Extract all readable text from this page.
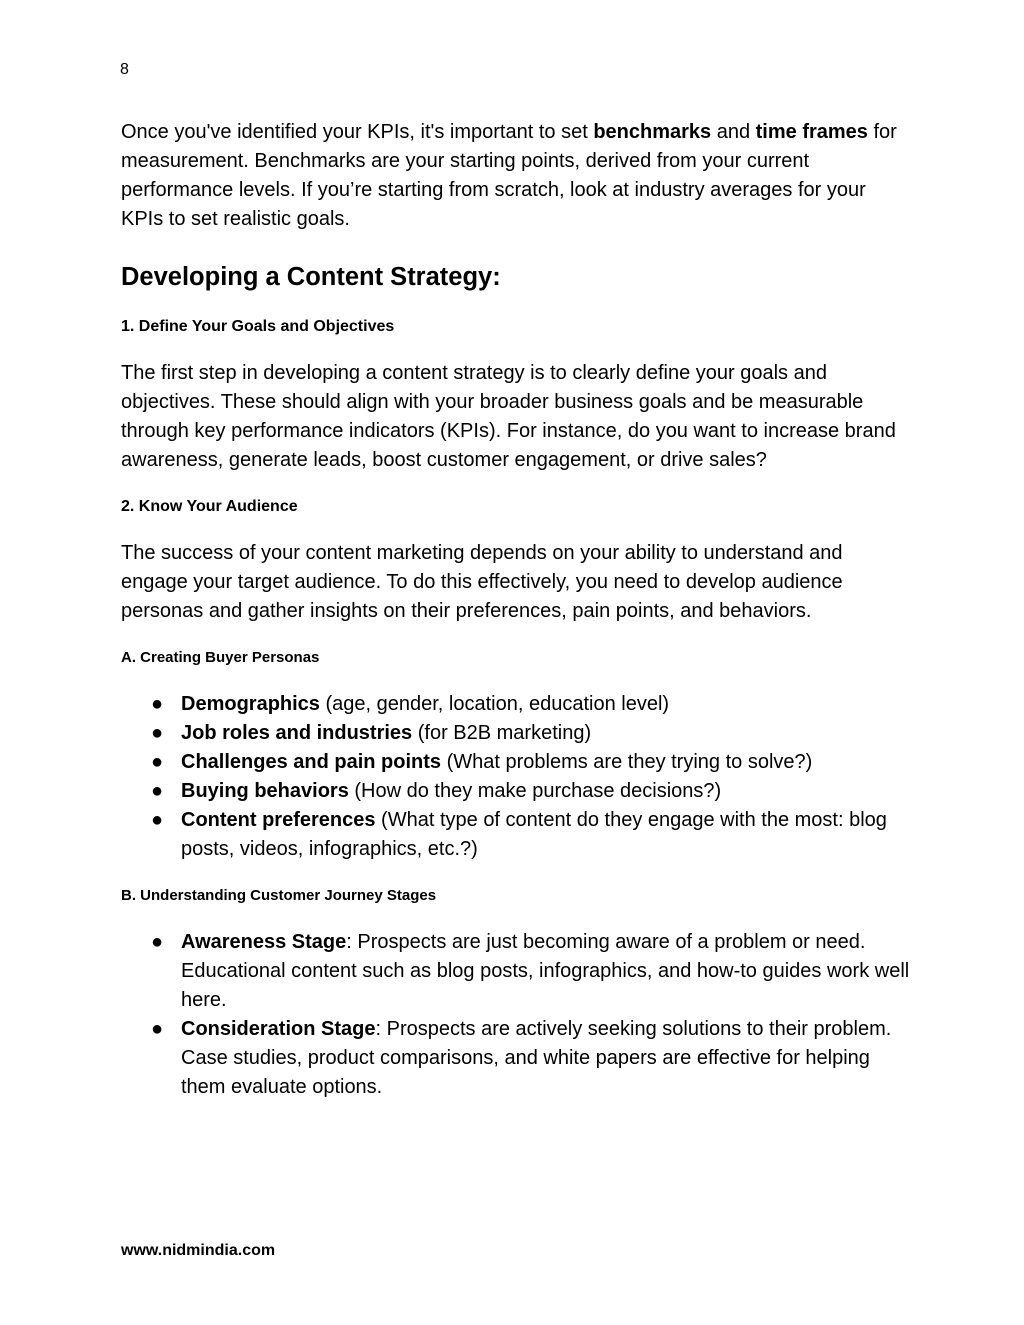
8

Once you've identified your KPIs, it's important to set benchmarks and time frames for measurement. Benchmarks are your starting points, derived from your current performance levels. If you’re starting from scratch, look at industry averages for your KPIs to set realistic goals.

Developing a Content Strategy:
1. Define Your Goals and Objectives

The first step in developing a content strategy is to clearly define your goals and objectives. These should align with your broader business goals and be measurable through key performance indicators (KPIs). For instance, do you want to increase brand awareness, generate leads, boost customer engagement, or drive sales?

2. Know Your Audience

The success of your content marketing depends on your ability to understand and engage your target audience. To do this effectively, you need to develop audience personas and gather insights on their preferences, pain points, and behaviors.

A. Creating Buyer Personas
● Demographics (age, gender, location, education level)
● Job roles and industries (for B2B marketing)
● Challenges and pain points (What problems are they trying to solve?)
● Buying behaviors (How do they make purchase decisions?)
● Content preferences (What type of content do they engage with the most: blog posts, videos, infographics, etc.?)
B. Understanding Customer Journey Stages
● Awareness Stage: Prospects are just becoming aware of a problem or need. Educational content such as blog posts, infographics, and how-to guides work well here.
● Consideration Stage: Prospects are actively seeking solutions to their problem. Case studies, product comparisons, and white papers are effective for helping them evaluate options.
www.nidmindia.com
